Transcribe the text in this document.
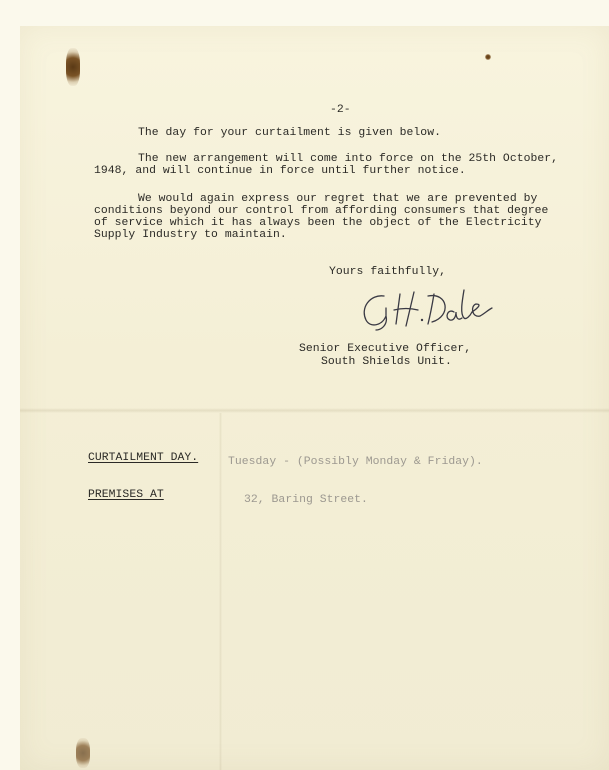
-2-

The day for your curtailment is given below.

The new arrangement will come into force on the 25th October,

1948, and will continue in force until further notice.

We would again express our regret that we are prevented by

conditions beyond our control from affording consumers that degree

of service which it has always been the object of the Electricity

Supply Industry to maintain.

Yours faithfully,

Senior Executive Officer,

South Shields Unit.

CURTAILMENT DAY.	Tuesday - (Possibly Monday & Friday).

PREMISES AT	32, Baring Street.
